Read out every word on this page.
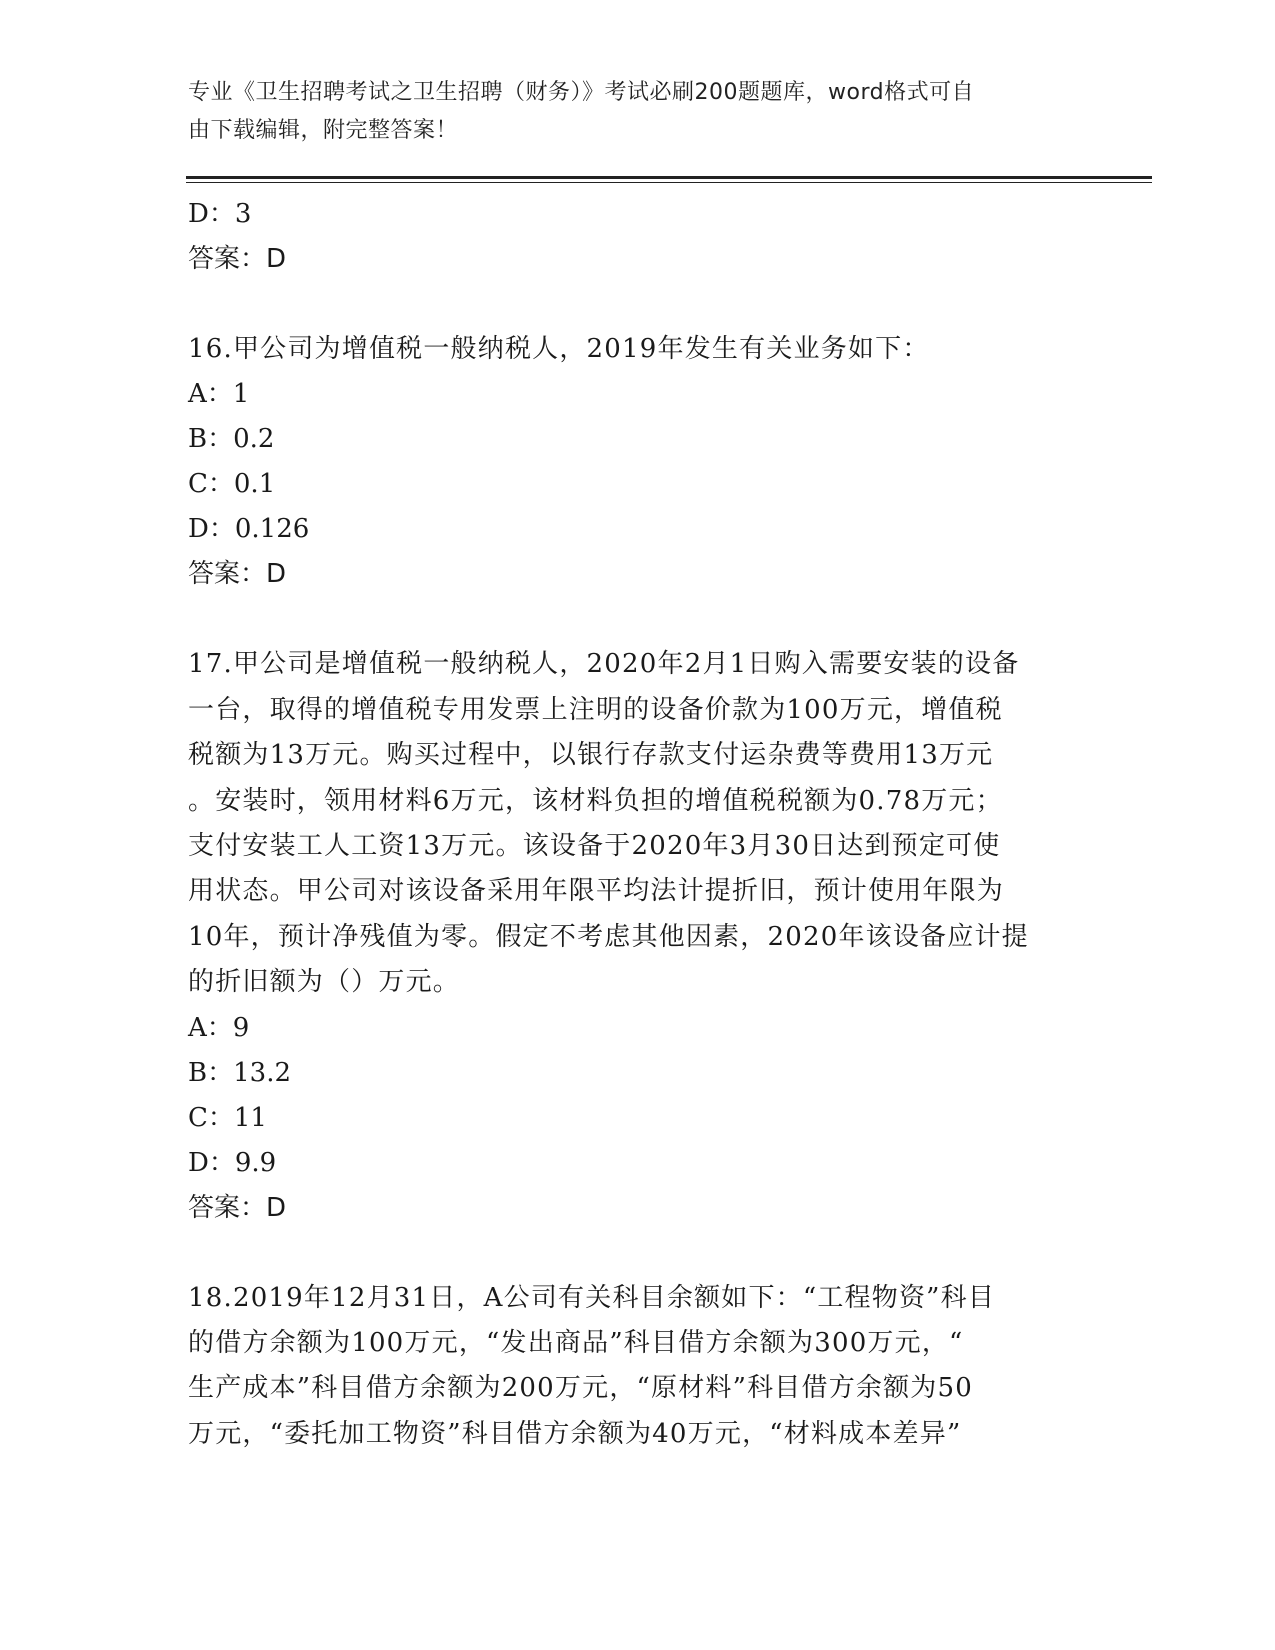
专业《卫生招聘考试之卫生招聘（财务）》考试必刷200题题库，word格式可自
由下载编辑，附完整答案！
D：3
答案：D
16.甲公司为增值税一般纳税人，2019年发生有关业务如下：
A：1
B：0.2
C：0.1
D：0.126
答案：D
17.甲公司是增值税一般纳税人，2020年2月1日购入需要安装的设备
一台，取得的增值税专用发票上注明的设备价款为100万元，增值税
税额为13万元。购买过程中，以银行存款支付运杂费等费用13万元
。安装时，领用材料6万元，该材料负担的增值税税额为0.78万元；
支付安装工人工资13万元。该设备于2020年3月30日达到预定可使
用状态。甲公司对该设备采用年限平均法计提折旧，预计使用年限为
10年，预计净残值为零。假定不考虑其他因素，2020年该设备应计提
的折旧额为（）万元。
A：9
B：13.2
C：11
D：9.9
答案：D
18.2019年12月31日，A公司有关科目余额如下：“工程物资”科目
的借方余额为100万元，“发出商品”科目借方余额为300万元，“
生产成本”科目借方余额为200万元，“原材料”科目借方余额为50
万元，“委托加工物资”科目借方余额为40万元，“材料成本差异”
